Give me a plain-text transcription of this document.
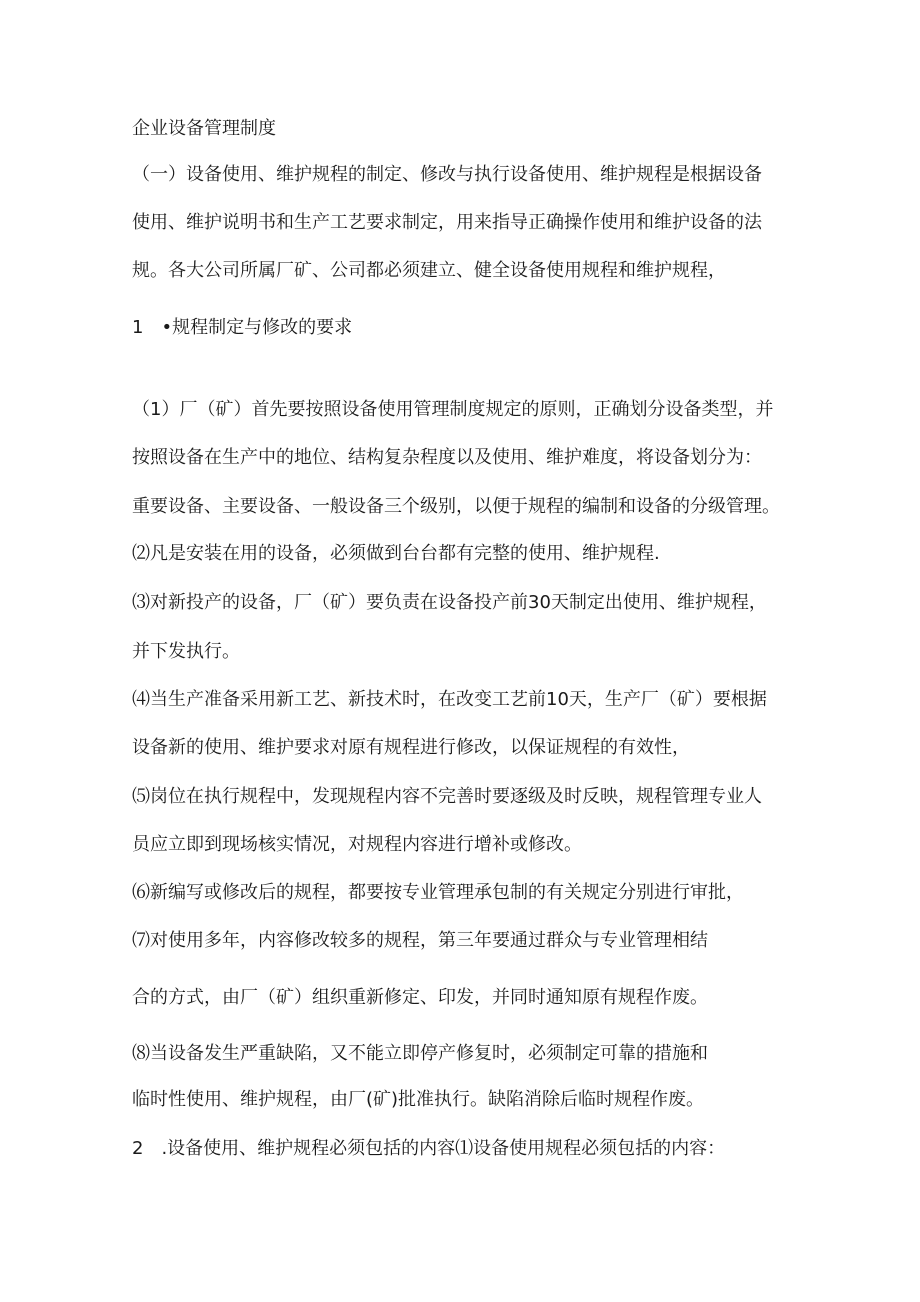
企业设备管理制度
（一）设备使用、维护规程的制定、修改与执行设备使用、维护规程是根据设备
使用、维护说明书和生产工艺要求制定，用来指导正确操作使用和维护设备的法
规。各大公司所属厂矿、公司都必须建立、健全设备使用规程和维护规程，
1　•规程制定与修改的要求
（1）厂（矿）首先要按照设备使用管理制度规定的原则，正确划分设备类型，并
按照设备在生产中的地位、结构复杂程度以及使用、维护难度，将设备划分为：
重要设备、主要设备、一般设备三个级别，以便于规程的编制和设备的分级管理。
⑵凡是安装在用的设备，必须做到台台都有完整的使用、维护规程.
⑶对新投产的设备，厂（矿）要负责在设备投产前30天制定出使用、维护规程，
并下发执行。
⑷当生产准备采用新工艺、新技术时，在改变工艺前10天，生产厂（矿）要根据
设备新的使用、维护要求对原有规程进行修改，以保证规程的有效性，
⑸岗位在执行规程中，发现规程内容不完善时要逐级及时反映，规程管理专业人
员应立即到现场核实情况，对规程内容进行增补或修改。
⑹新编写或修改后的规程，都要按专业管理承包制的有关规定分别进行审批，
⑺对使用多年，内容修改较多的规程，第三年要通过群众与专业管理相结
合的方式，由厂（矿）组织重新修定、印发，并同时通知原有规程作废。
⑻当设备发生严重缺陷，又不能立即停产修复时，必须制定可靠的措施和
临时性使用、维护规程，由厂(矿)批准执行。缺陷消除后临时规程作废。
2　.设备使用、维护规程必须包括的内容⑴设备使用规程必须包括的内容：
